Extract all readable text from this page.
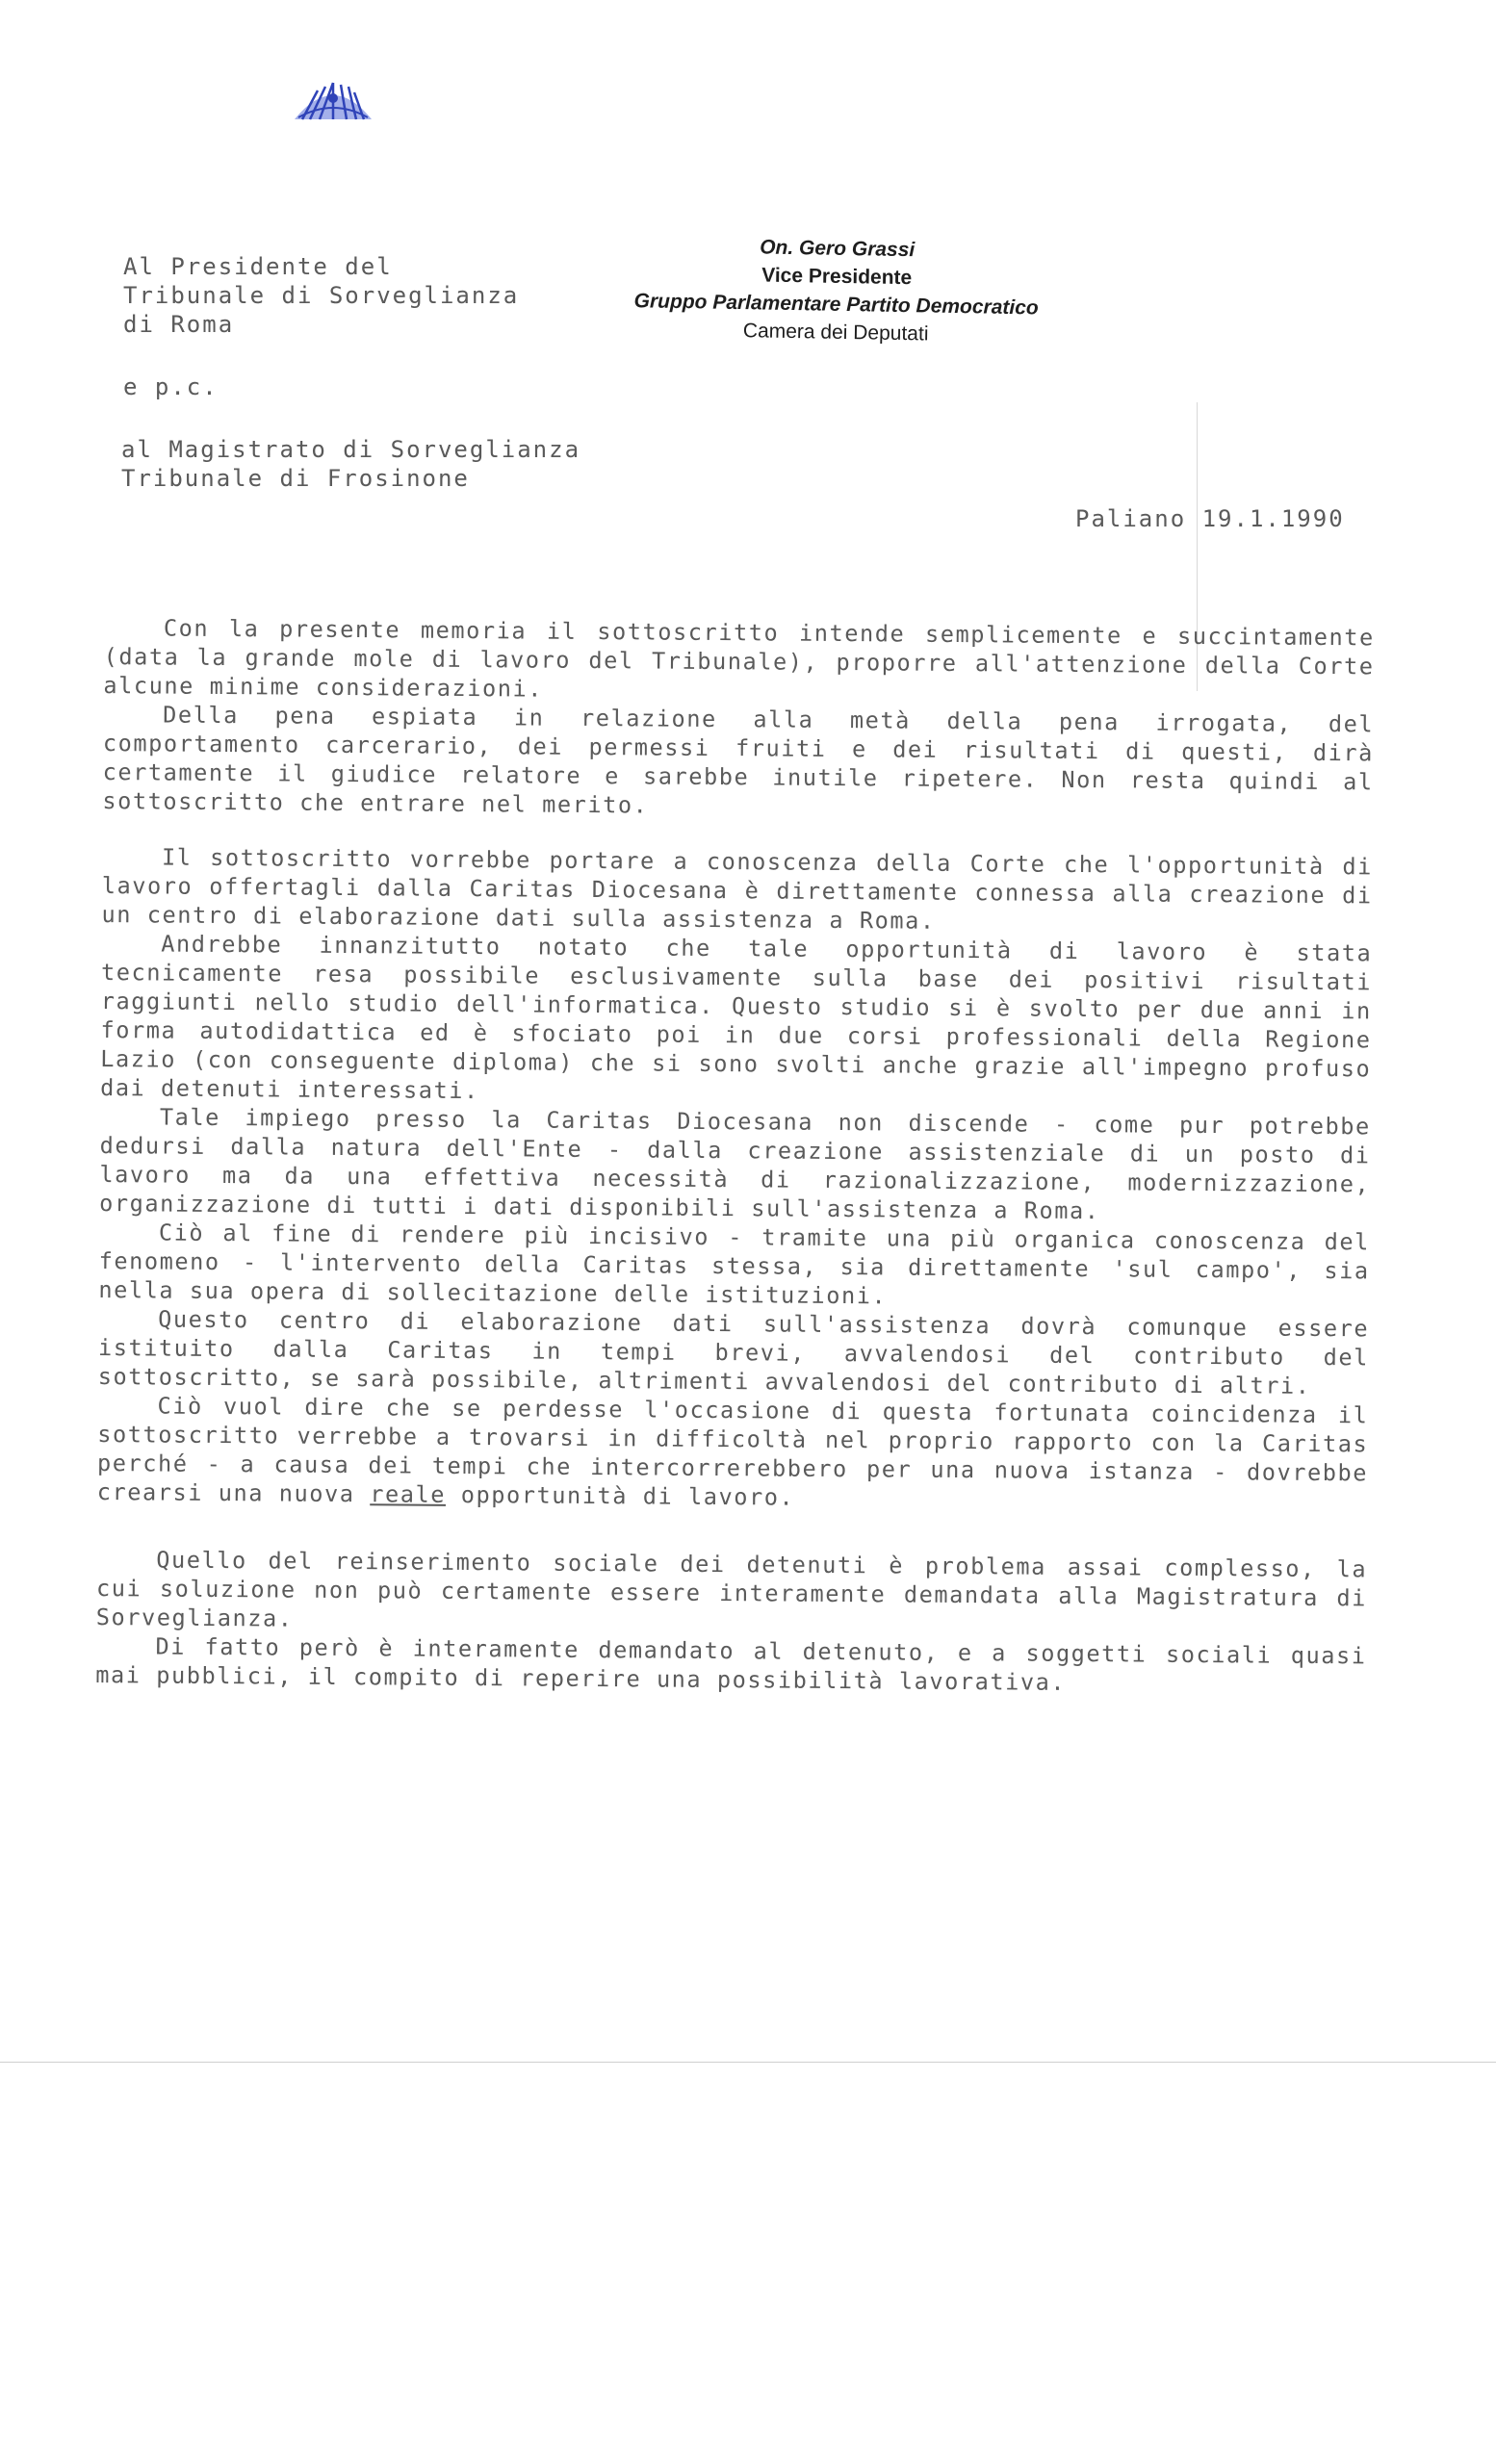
Al Presidente del
Tribunale di Sorveglianza
di Roma
On. Gero Grassi
Vice Presidente
Gruppo Parlamentare Partito Democratico
Camera dei Deputati
e p.c.
al Magistrato di Sorveglianza
Tribunale di Frosinone
Paliano 19.1.1990

Con la presente memoria il sottoscritto intende semplicemente e succintamente (data la grande mole di lavoro del Tribunale), proporre all'attenzione della Corte alcune minime considerazioni.

Della pena espiata in relazione alla metà della pena irrogata, del comportamento carcerario, dei permessi fruiti e dei risultati di questi, dirà certamente il giudice relatore e sarebbe inutile ripetere. Non resta quindi al sottoscritto che entrare nel merito.

Il sottoscritto vorrebbe portare a conoscenza della Corte che l'opportunità di lavoro offertagli dalla Caritas Diocesana è direttamente connessa alla creazione di un centro di elaborazione dati sulla assistenza a Roma.

Andrebbe innanzitutto notato che tale opportunità di lavoro è stata tecnicamente resa possibile esclusivamente sulla base dei positivi risultati raggiunti nello studio dell'informatica. Questo studio si è svolto per due anni in forma autodidattica ed è sfociato poi in due corsi professionali della Regione Lazio (con conseguente diploma) che si sono svolti anche grazie all'impegno profuso dai detenuti interessati.

Tale impiego presso la Caritas Diocesana non discende - come pur potrebbe dedursi dalla natura dell'Ente - dalla creazione assistenziale di un posto di lavoro ma da una effettiva necessità di razionalizzazione, modernizzazione, organizzazione di tutti i dati disponibili sull'assistenza a Roma.

Ciò al fine di rendere più incisivo - tramite una più organica conoscenza del fenomeno - l'intervento della Caritas stessa, sia direttamente 'sul campo', sia nella sua opera di sollecitazione delle istituzioni.

Questo centro di elaborazione dati sull'assistenza dovrà comunque essere istituito dalla Caritas in tempi brevi, avvalendosi del contributo del sottoscritto, se sarà possibile, altrimenti avvalendosi del contributo di altri.

Ciò vuol dire che se perdesse l'occasione di questa fortunata coincidenza il sottoscritto verrebbe a trovarsi in difficoltà nel proprio rapporto con la Caritas perché - a causa dei tempi che intercorrerebbero per una nuova istanza - dovrebbe crearsi una nuova reale opportunità di lavoro.

Quello del reinserimento sociale dei detenuti è problema assai complesso, la cui soluzione non può certamente essere interamente demandata alla Magistratura di Sorveglianza.

Di fatto però è interamente demandato al detenuto, e a soggetti sociali quasi mai pubblici, il compito di reperire una possibilità lavorativa.
